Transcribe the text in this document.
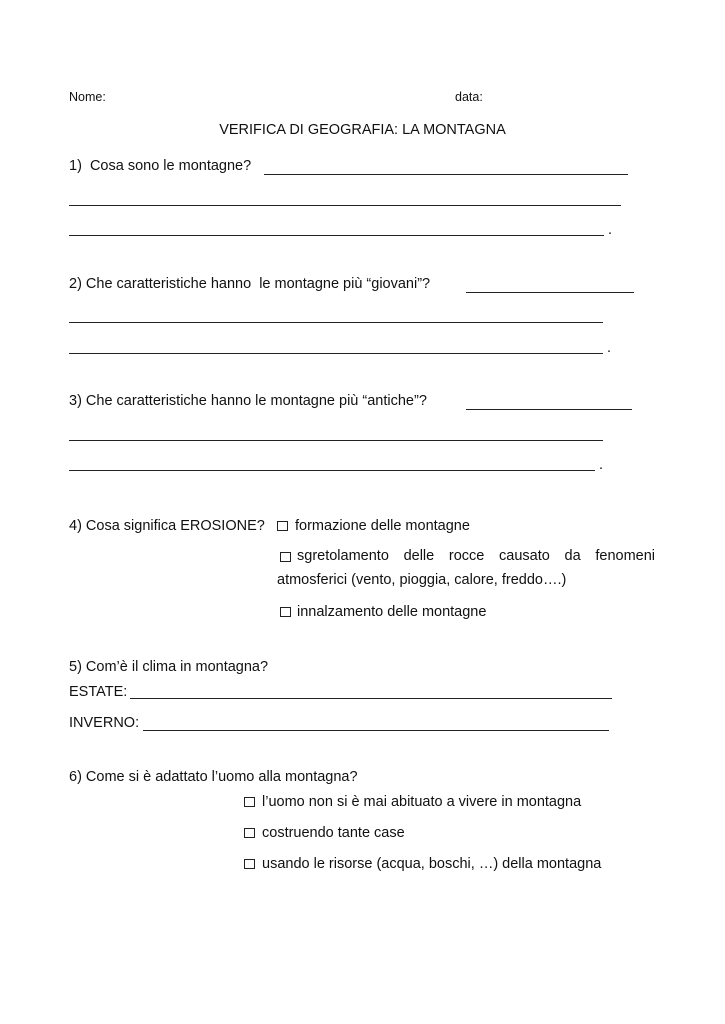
Nome:	data:
VERIFICA DI GEOGRAFIA: LA MONTAGNA
1)  Cosa sono le montagne?
.
2) Che caratteristiche hanno  le montagne più “giovani”?
.
3) Che caratteristiche hanno le montagne più “antiche”?
.
4) Cosa significa EROSIONE? formazione delle montagne
sgretolamento delle rocce causato da fenomeni atmosferici (vento, pioggia, calore, freddo….)
innalzamento delle montagne
5) Com’è il clima in montagna?
ESTATE:
INVERNO:
6) Come si è adattato l’uomo alla montagna?
l’uomo non si è mai abituato a vivere in montagna
costruendo tante case
usando le risorse (acqua, boschi, …) della montagna
